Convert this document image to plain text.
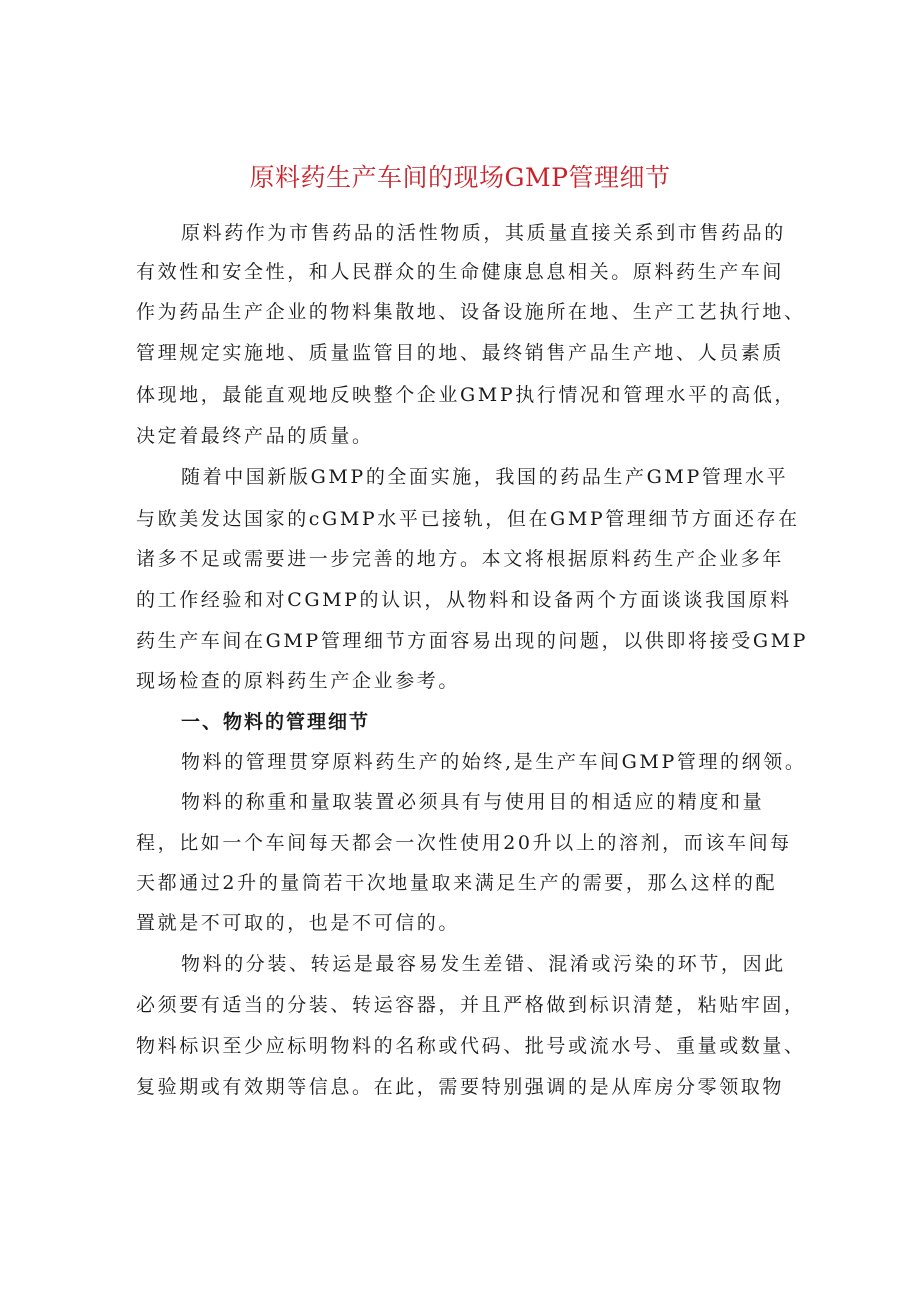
原料药生产车间的现场GMP管理细节
原料药作为市售药品的活性物质，其质量直接关系到市售药品的
有效性和安全性，和人民群众的生命健康息息相关。原料药生产车间
作为药品生产企业的物料集散地、设备设施所在地、生产工艺执行地、
管理规定实施地、质量监管目的地、最终销售产品生产地、人员素质
体现地，最能直观地反映整个企业GMP执行情况和管理水平的高低，
决定着最终产品的质量。
随着中国新版GMP的全面实施，我国的药品生产GMP管理水平
与欧美发达国家的cGMP水平已接轨，但在GMP管理细节方面还存在
诸多不足或需要进一步完善的地方。本文将根据原料药生产企业多年
的工作经验和对CGMP的认识，从物料和设备两个方面谈谈我国原料
药生产车间在GMP管理细节方面容易出现的问题，以供即将接受GMP
现场检查的原料药生产企业参考。
一、物料的管理细节
物料的管理贯穿原料药生产的始终,是生产车间GMP管理的纲领。
物料的称重和量取装置必须具有与使用目的相适应的精度和量
程，比如一个车间每天都会一次性使用20升以上的溶剂，而该车间每
天都通过2升的量筒若干次地量取来满足生产的需要，那么这样的配
置就是不可取的，也是不可信的。
物料的分装、转运是最容易发生差错、混淆或污染的环节，因此
必须要有适当的分装、转运容器，并且严格做到标识清楚，粘贴牢固，
物料标识至少应标明物料的名称或代码、批号或流水号、重量或数量、
复验期或有效期等信息。在此，需要特别强调的是从库房分零领取物
